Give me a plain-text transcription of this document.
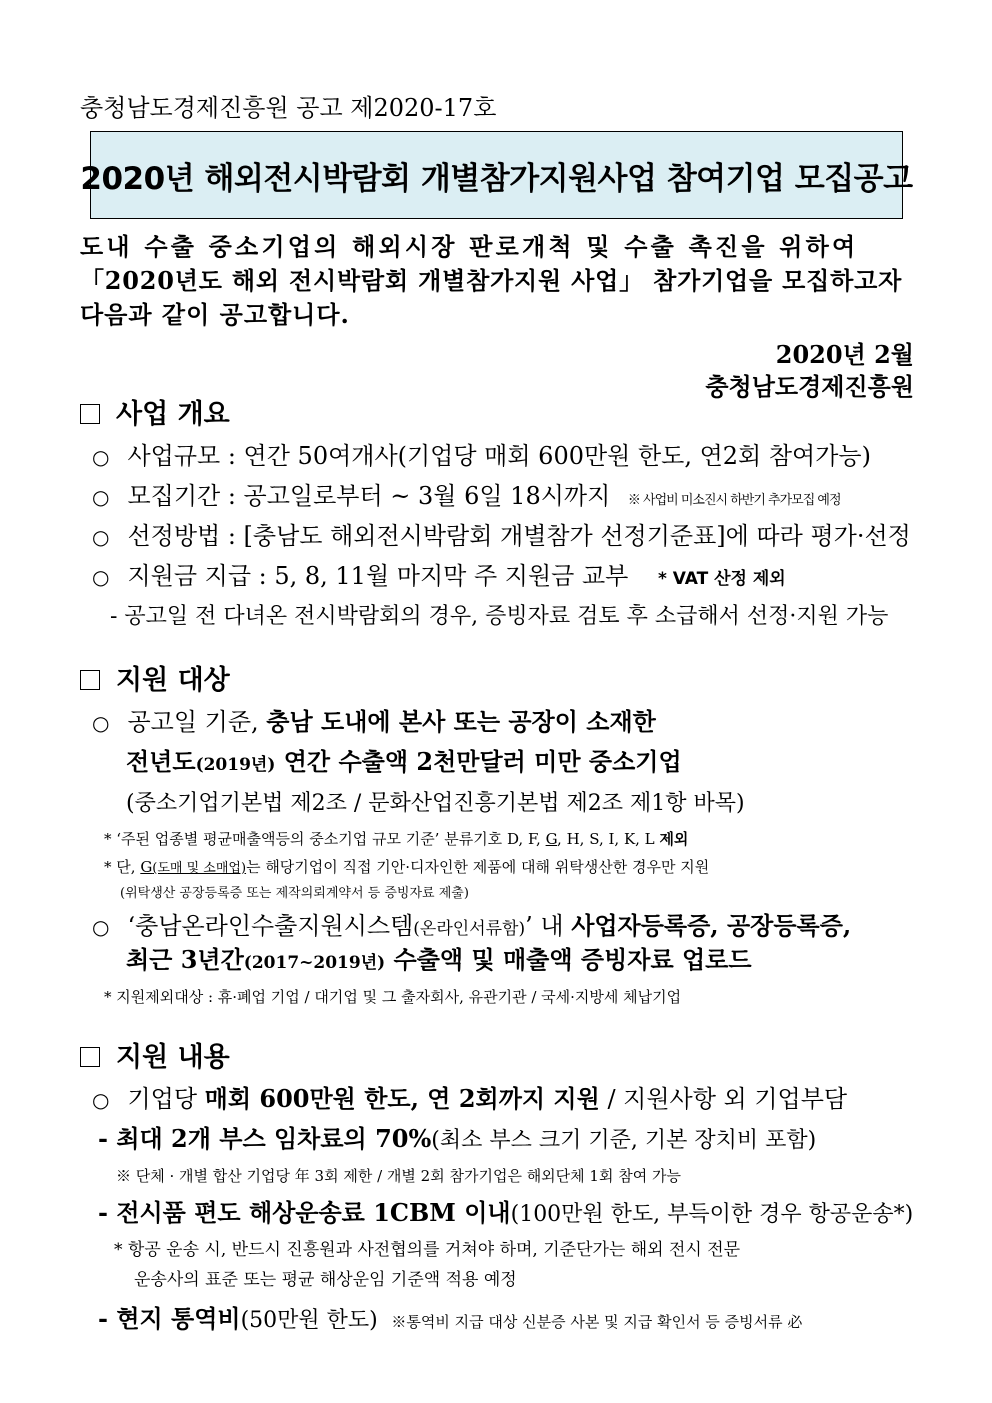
충청남도경제진흥원 공고 제2020-17호
2020년 해외전시박람회 개별참가지원사업 참여기업 모집공고
도내 수출 중소기업의 해외시장 판로개척 및 수출 촉진을 위하여
「2020년도 해외 전시박람회 개별참가지원 사업」 참가기업을 모집하고자
다음과 같이 공고합니다.
2020년 2월
충청남도경제진흥원
사업 개요
○ 사업규모 : 연간 50여개사(기업당 매회 600만원 한도, 연2회 참여가능)
○ 모집기간 : 공고일로부터 ~ 3월 6일 18시까지 ※ 사업비 미소진시 하반기 추가모집 예정
○ 선정방법 : [충남도 해외전시박람회 개별참가 선정기준표]에 따라 평가·선정
○ 지원금 지급 : 5, 8, 11월 마지막 주 지원금 교부 * VAT 산정 제외
- 공고일 전 다녀온 전시박람회의 경우, 증빙자료 검토 후 소급해서 선정·지원 가능
지원 대상
○ 공고일 기준, 충남 도내에 본사 또는 공장이 소재한
전년도(2019년) 연간 수출액 2천만달러 미만 중소기업
(중소기업기본법 제2조 / 문화산업진흥기본법 제2조 제1항 바목)
* ‘주된 업종별 평균매출액등의 중소기업 규모 기준’ 분류기호 D, F, G, H, S, I, K, L 제외
* 단, G(도매 및 소매업)는 해당기업이 직접 기안·디자인한 제품에 대해 위탁생산한 경우만 지원
(위탁생산 공장등록증 또는 제작의뢰계약서 등 증빙자료 제출)
○ ‘충남온라인수출지원시스템(온라인서류함)’ 내 사업자등록증, 공장등록증,
최근 3년간(2017~2019년) 수출액 및 매출액 증빙자료 업로드
* 지원제외대상 : 휴·폐업 기업 / 대기업 및 그 출자회사, 유관기관 / 국세·지방세 체납기업
지원 내용
○ 기업당 매회 600만원 한도, 연 2회까지 지원 / 지원사항 외 기업부담
- 최대 2개 부스 임차료의 70%(최소 부스 크기 기준, 기본 장치비 포함)
※ 단체 · 개별 합산 기업당 年 3회 제한 / 개별 2회 참가기업은 해외단체 1회 참여 가능
- 전시품 편도 해상운송료 1CBM 이내(100만원 한도, 부득이한 경우 항공운송*)
* 항공 운송 시, 반드시 진흥원과 사전협의를 거쳐야 하며, 기준단가는 해외 전시 전문
운송사의 표준 또는 평균 해상운임 기준액 적용 예정
- 현지 통역비(50만원 한도) ※통역비 지급 대상 신분증 사본 및 지급 확인서 등 증빙서류 必
